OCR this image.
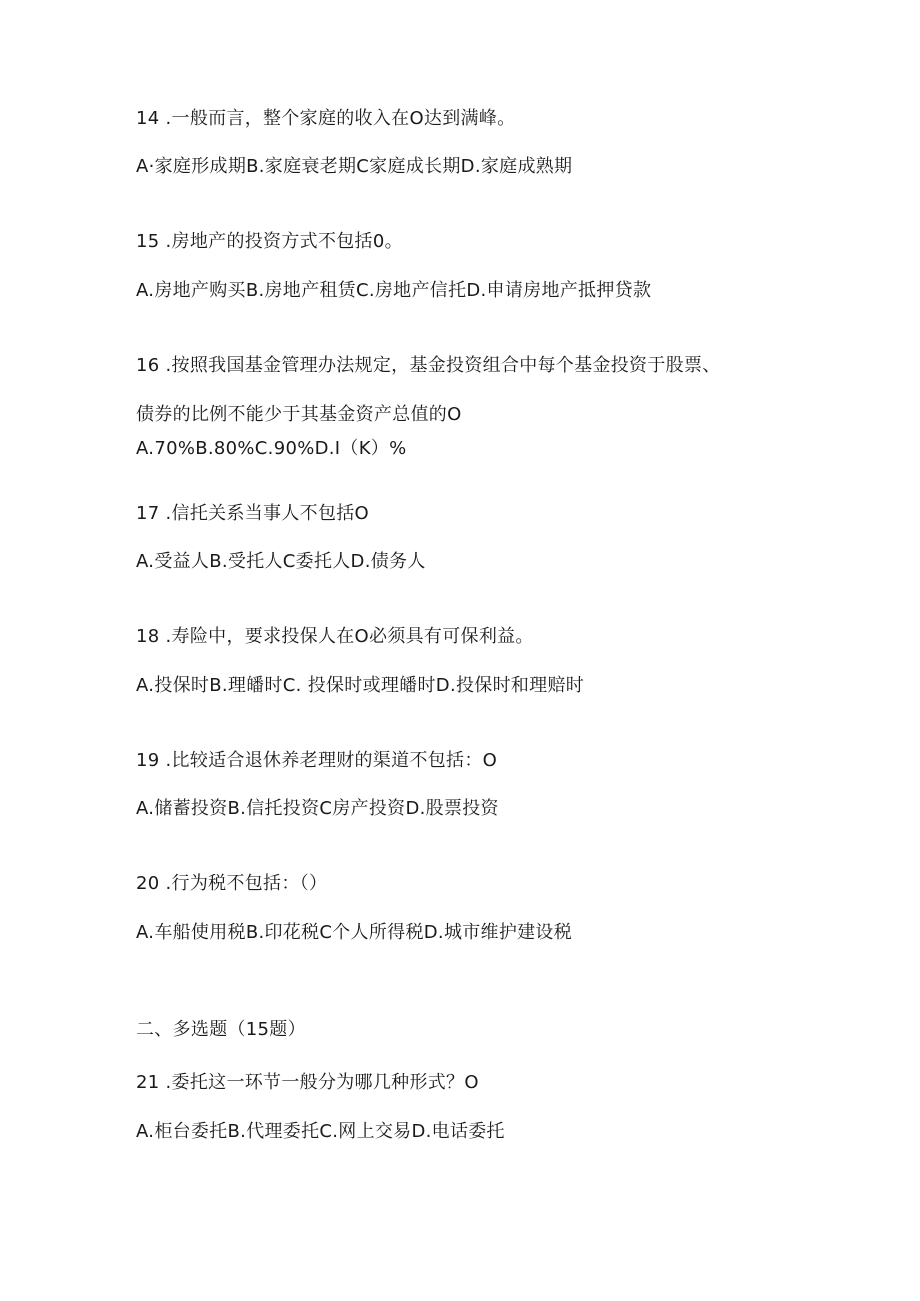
14 .一般而言，整个家庭的收入在O达到满峰。
A·家庭形成期B.家庭衰老期C家庭成长期D.家庭成熟期
15 .房地产的投资方式不包括0。
A.房地产购买B.房地产租赁C.房地产信托D.申请房地产抵押贷款
16 .按照我国基金管理办法规定，基金投资组合中每个基金投资于股票、
债券的比例不能少于其基金资产总值的O
A.70%B.80%C.90%D.I（K）%
17 .信托关系当事人不包括O
A.受益人B.受托人C委托人D.债务人
18 .寿险中，要求投保人在O必须具有可保利益。
A.投保时B.理皤时C. 投保时或理皤时D.投保时和理赔时
19 .比较适合退休养老理财的渠道不包括：O
A.储蓄投资B.信托投资C房产投资D.股票投资
20 .行为税不包括：（）
A.车船使用税B.印花税C个人所得税D.城市维护建设税
二、多选题（15题）
21 .委托这一环节一般分为哪几种形式？O
A.柜台委托B.代理委托C.网上交易D.电话委托
